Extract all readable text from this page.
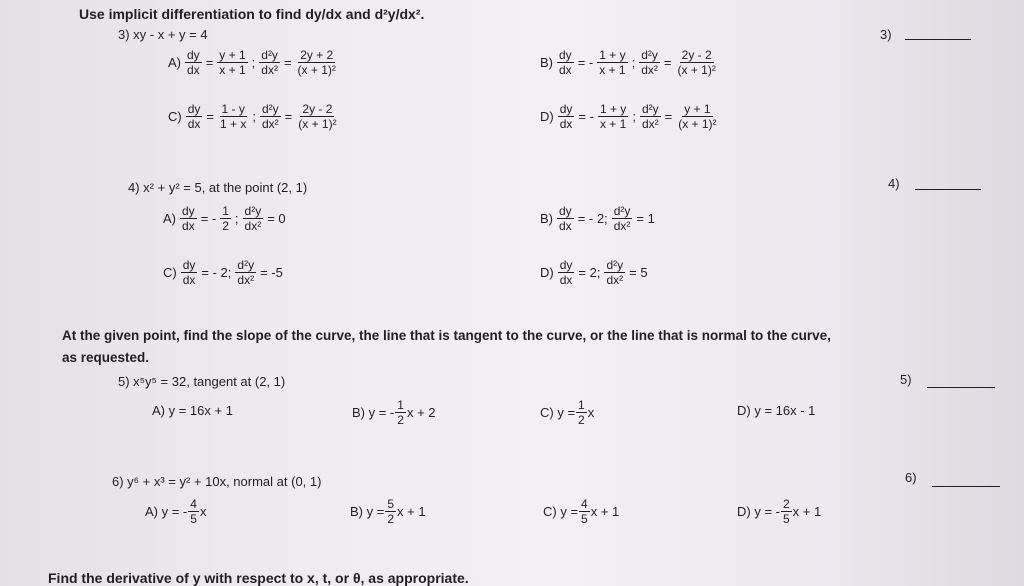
Use implicit differentiation to find dy/dx and d²y/dx².
3) xy - x + y = 4	3)
$A) \frac{dy}{dx} = \frac{y + 1}{x + 1}$ ; $\frac{\text{d²y}}{\text{dx²}} = \frac{2y + 2}{\text{(x + 1)²}}$	$B) \frac{dy}{dx}$ = - $\frac{1 + y}{x + 1}$ ; $\frac{\text{d²y}}{\text{dx²}} = \frac{2y - 2}{\text{(x + 1)²}}$
$C) \frac{dy}{dx} = \frac{1 - y}{1 + x}$ ; $\frac{\text{d²y}}{\text{dx²}} = \frac{2y - 2}{\text{(x + 1)²}}$	$D) \frac{dy}{dx}$ = - $\frac{1 + y}{x + 1}$ ; $\frac{\text{d²y}}{\text{dx²}} = \frac{y + 1}{\text{(x + 1)²}}$
4) x² + y² = 5, at the point (2, 1)	4)
$A) \frac{dy}{dx}$ = - $\frac{1}{2}$ ; $\frac{\text{d²y}}{\text{dx²}} = 0$	$B) \frac{dy}{dx}$ = - 2; $\frac{\text{d²y}}{\text{dx²}} = 1$
$C) \frac{dy}{dx}$ = - 2; $\frac{\text{d²y}}{\text{dx²}} = -5$	$D) \frac{dy}{dx} = 2$; $\frac{\text{d²y}}{\text{dx²}} = 5$
At the given point, find the slope of the curve, the line that is tangent to the curve, or the line that is normal to the curve,
as requested.
5) x⁵y⁵ = 32, tangent at (2, 1)	5)
A) y = 16x + 1	B) y = - $\frac{1}{2}$ x + 2	C) $y = \frac{1}{2}$ x	D) y = 16x - 1
6) y⁶ + x³ = y² + 10x, normal at (0, 1)	6)
A) y = - $\frac{4}{5}$ x	B) $y = \frac{5}{2}$ x + 1	C) $y = \frac{4}{5}$ x + 1	D) y = - $\frac{2}{5}$ x + 1
Find the derivative of y with respect to x, t, or θ, as appropriate.
